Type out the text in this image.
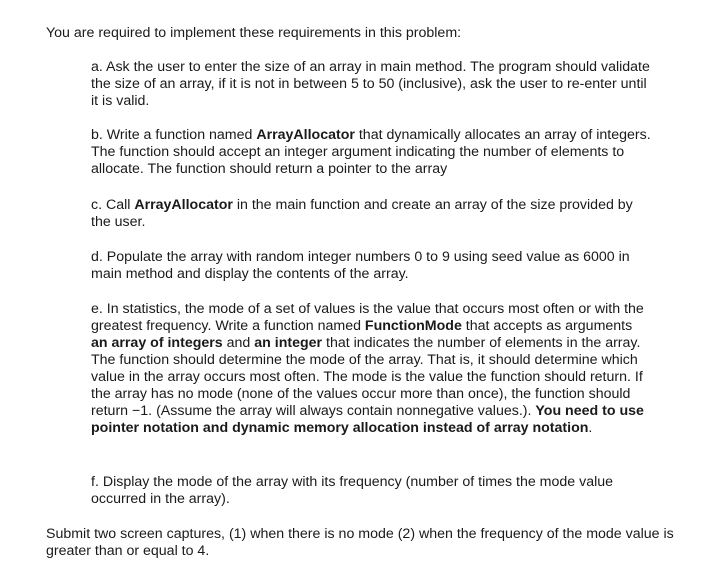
You are required to implement these requirements in this problem:

a. Ask the user to enter the size of an array in main method. The program should validate the size of an array, if it is not in between 5 to 50 (inclusive), ask the user to re-enter until it is valid.

b. Write a function named ArrayAllocator that dynamically allocates an array of integers. The function should accept an integer argument indicating the number of elements to allocate. The function should return a pointer to the array

c. Call ArrayAllocator in the main function and create an array of the size provided by the user.

d. Populate the array with random integer numbers 0 to 9 using seed value as 6000 in main method and display the contents of the array.

e. In statistics, the mode of a set of values is the value that occurs most often or with the greatest frequency. Write a function named FunctionMode that accepts as arguments an array of integers and an integer that indicates the number of elements in the array. The function should determine the mode of the array. That is, it should determine which value in the array occurs most often. The mode is the value the function should return. If the array has no mode (none of the values occur more than once), the function should return −1. (Assume the array will always contain nonnegative values.). You need to use pointer notation and dynamic memory allocation instead of array notation.

f. Display the mode of the array with its frequency (number of times the mode value occurred in the array).

Submit two screen captures, (1) when there is no mode (2) when the frequency of the mode value is greater than or equal to 4.
